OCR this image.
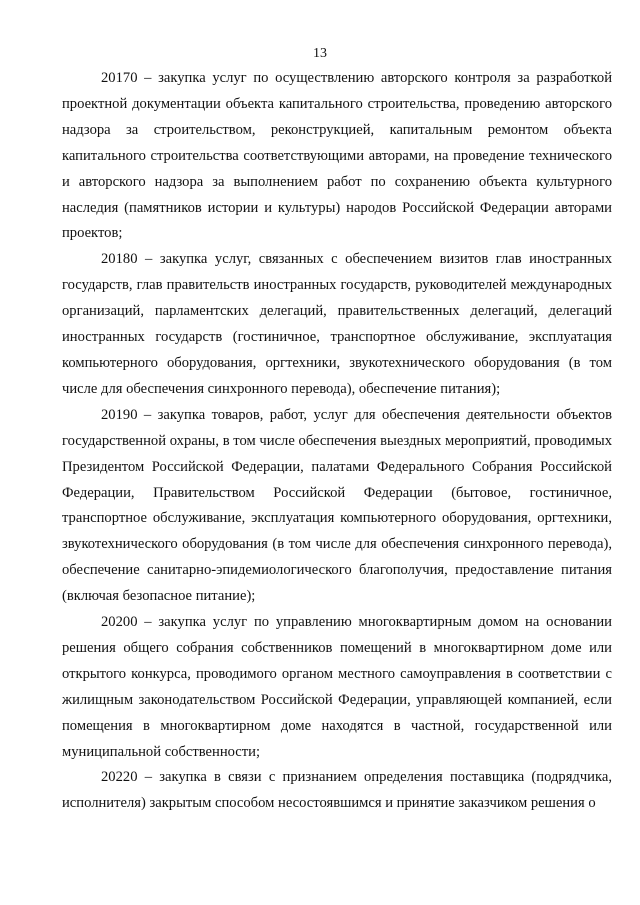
13

20170 – закупка услуг по осуществлению авторского контроля за разработкой проектной документации объекта капитального строительства, проведению авторского надзора за строительством, реконструкцией, капитальным ремонтом объекта капитального строительства соответствующими авторами, на проведение технического и авторского надзора за выполнением работ по сохранению объекта культурного наследия (памятников истории и культуры) народов Российской Федерации авторами проектов;

20180 – закупка услуг, связанных с обеспечением визитов глав иностранных государств, глав правительств иностранных государств, руководителей международных организаций, парламентских делегаций, правительственных делегаций, делегаций иностранных государств (гостиничное, транспортное обслуживание, эксплуатация компьютерного оборудования, оргтехники, звукотехнического оборудования (в том числе для обеспечения синхронного перевода), обеспечение питания);

20190 – закупка товаров, работ, услуг для обеспечения деятельности объектов государственной охраны, в том числе обеспечения выездных мероприятий, проводимых Президентом Российской Федерации, палатами Федерального Собрания Российской Федерации, Правительством Российской Федерации (бытовое, гостиничное, транспортное обслуживание, эксплуатация компьютерного оборудования, оргтехники, звукотехнического оборудования (в том числе для обеспечения синхронного перевода), обеспечение санитарно-эпидемиологического благополучия, предоставление питания (включая безопасное питание);

20200 – закупка услуг по управлению многоквартирным домом на основании решения общего собрания собственников помещений в многоквартирном доме или открытого конкурса, проводимого органом местного самоуправления в соответствии с жилищным законодательством Российской Федерации, управляющей компанией, если помещения в многоквартирном доме находятся в частной, государственной или муниципальной собственности;

20220 – закупка в связи с признанием определения поставщика (подрядчика, исполнителя) закрытым способом несостоявшимся и принятие заказчиком решения о
